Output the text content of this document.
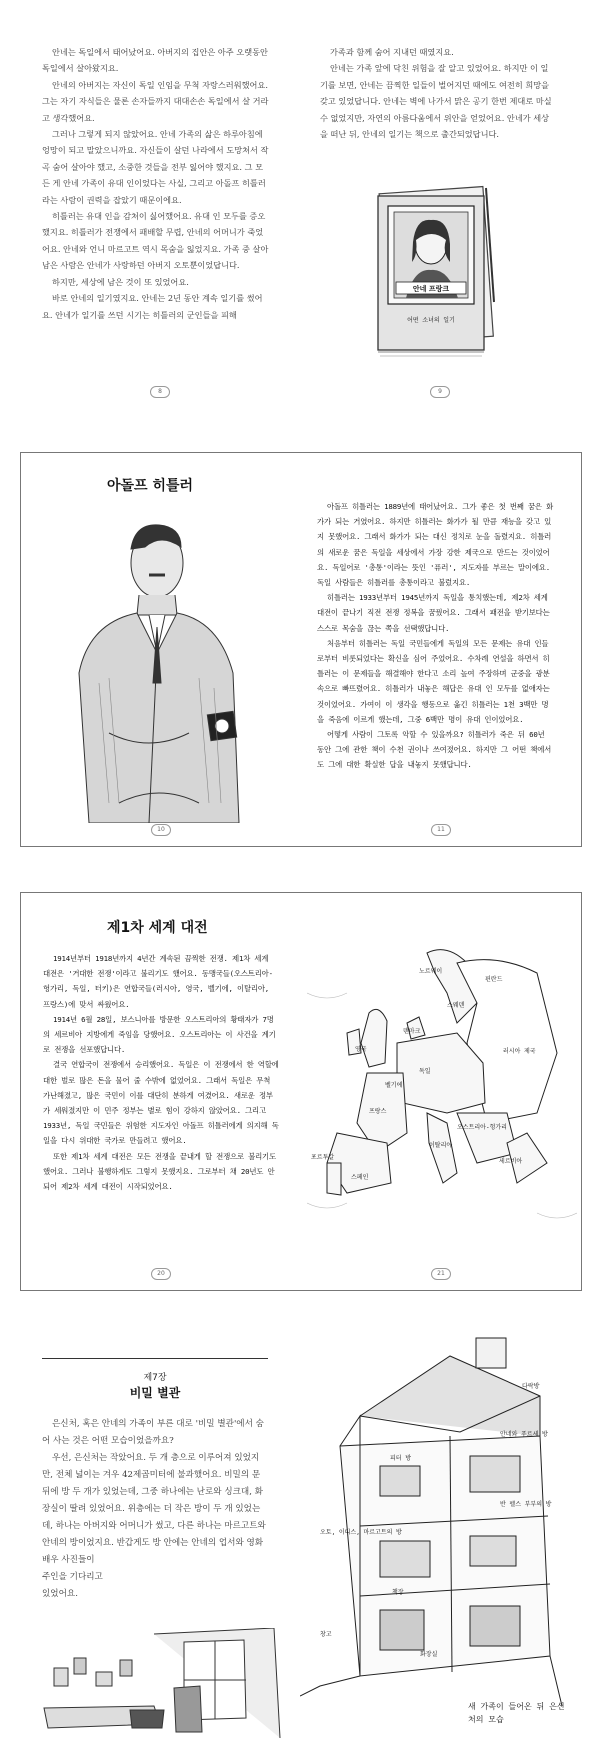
안네는 독일에서 태어났어요. 아버지의 집안은 아주 오랫동안 독일에서 살아왔지요.

안네의 아버지는 자신이 독일 인임을 무척 자랑스러워했어요. 그는 자기 자식들은 물론 손자들까지 대대손손 독일에서 살 거라고 생각했어요.

그러나 그렇게 되지 않았어요. 안네 가족의 삶은 하루아침에 엉망이 되고 말았으니까요. 자신들이 살던 나라에서 도망쳐서 작곡 숨어 살아야 했고, 소중한 것들을 전부 잃어야 했지요. 그 모든 게 안네 가족이 유대 인이었다는 사실, 그리고 아돌프 히틀러라는 사람이 권력을 잡았기 때문이에요.

히틀러는 유대 인을 감쳐이 싫어했어요. 유대 인 모두를 증오했지요. 히틀러가 전쟁에서 패배할 무렵, 안네의 어머니가 죽었어요. 안네와 언니 마르고트 역시 목숨을 잃었지요. 가족 중 살아남은 사람은 안네가 사랑하던 아버지 오토뿐이었답니다.

하지만, 세상에 남은 것이 또 있었어요.

바로 안네의 일기였지요. 안네는 2년 동안 계속 일기를 썼어요. 안네가 일기를 쓰던 시기는 히틀러의 군인들을 피해

8

가족과 함께 숨어 지내던 때였지요.

안네는 가족 앞에 닥친 위험을 잘 알고 있었어요. 하지만 이 일기를 보면, 안네는 끔찍한 일들이 벌어지던 때에도 여전히 희망을 갖고 있었답니다. 안네는 벽에 나가서 맑은 공기 한번 제대로 마실 수 없었지만, 자연의 아름다움에서 위안을 얻었어요. 안네가 세상을 떠난 뒤, 안네의 일기는 책으로 출간되었답니다.

안네 프랑크
어떤 소녀의 일기
9
아돌프 히틀러
10

아돌프 히틀러는 1889년에 태어났어요. 그가 좋은 첫 번째 꿈은 화가가 되는 거였어요. 하지만 히틀러는 화가가 될 만큼 재능을 갖고 있지 못했어요. 그래서 화가가 되는 대신 정치로 눈을 돌렸지요. 히틀러의 새로운 꿈은 독일을 세상에서 가장 강한 제국으로 만드는 것이었어요. 독일어로 '총통'이라는 뜻인 '퓨러', 지도자를 부르는 말이에요. 독일 사람들은 히틀러를 총통이라고 불렀지요.

히틀러는 1933년부터 1945년까지 독일을 통치했는데, 제2차 세계 대전이 끝나기 직전 전쟁 정복을 꿈꿨어요. 그래서 패전을 받기보다는 스스로 목숨을 끊는 쪽을 선택했답니다.

처음부터 히틀러는 독일 국민들에게 독일의 모든 문제는 유대 인들로부터 비롯되었다는 확신을 심어 주었어요. 수차례 연설을 하면서 히틀러는 이 문제들을 해결해야 한다고 소리 높여 주장하며 군중을 광분 속으로 빠뜨렸어요. 히틀러가 내놓은 해답은 유대 인 모두를 없애자는 것이었어요. 가여이 이 생각을 행동으로 옮긴 히틀러는 1천 3백만 명을 죽음에 이르게 했는데, 그중 6백만 명이 유대 인이었어요.

어떻게 사람이 그토록 악할 수 있을까요? 히틀러가 죽은 뒤 60년 동안 그에 관한 책이 수천 권이나 쓰여졌어요. 하지만 그 어떤 책에서도 그에 대한 확실한 답을 내놓지 못했답니다.

11
제1차 세계 대전

1914년부터 1918년까지 4년간 계속된 끔찍한 전쟁. 제1차 세계 대전은 '거대한 전쟁'이라고 불리기도 했어요. 동맹국들(오스트리아-헝가리, 독일, 터키)은 연합국들(러시아, 영국, 벨기에, 이탈리아, 프랑스)에 맞서 싸웠어요.

1914년 6월 28일, 보스니아를 방문한 오스트리아의 황태자가 7명의 세르비아 지방에게 죽임을 당했어요. 오스트리아는 이 사건을 계기로 전쟁을 선포했답니다.

결국 연합국이 전쟁에서 승리했어요. 독일은 이 전쟁에서 한 역할에 대한 벌로 많은 돈을 물어 줄 수밖에 없었어요. 그래서 독일은 무척 가난해졌고, 많은 국민이 이를 대단히 분하게 여겼어요. 새로운 정부가 세워졌지만 이 민주 정부는 별로 힘이 강하지 않았어요. 그리고 1933년, 독일 국민들은 위험한 지도자인 아돌프 히틀러에게 의지해 독일을 다시 위대한 국가로 만들려고 했어요.

또한 제1차 세계 대전은 모든 전쟁을 끝내게 할 전쟁으로 불리기도 했어요. 그러나 불행하게도 그렇지 못했지요. 그로부터 채 20년도 안 되어 제2차 세계 대전이 시작되었어요.

20
핀란드
스웨덴
노르웨이
덴마크
영국
독일
프랑스
스페인
포르투갈
이탈리아
오스트리아-헝가리
세르비아
러시아 제국
벨기에
21
제7장
비밀 별관

은신처, 혹은 안네의 가족이 부른 대로 '비밀 별관'에서 숨어 사는 것은 어떤 모습이었을까요?

우선, 은신처는 작았어요. 두 개 층으로 이루어져 있었지만, 전체 넓이는 겨우 42제곱미터에 불과했어요. 비밀의 문 뒤에 방 두 개가 있었는데, 그중 하나에는 난로와 싱크대, 화장실이 딸려 있었어요. 위층에는 더 작은 방이 두 개 있었는데, 하나는 아버지와 어머니가 썼고, 다른 하나는 마르고트와 안네의 방이었지요. 반갑게도 방 안에는 안네의 업서와 영화배우 사진들이

주인을 기다리고

있었어요.

다락방
피터 방
안네와 푸르세 방
반 펠스 부부의 방
오토, 이디스, 마르고트의 방
화장실
책장
창고
새 가족이 들어온 뒤 은신처의 모습
